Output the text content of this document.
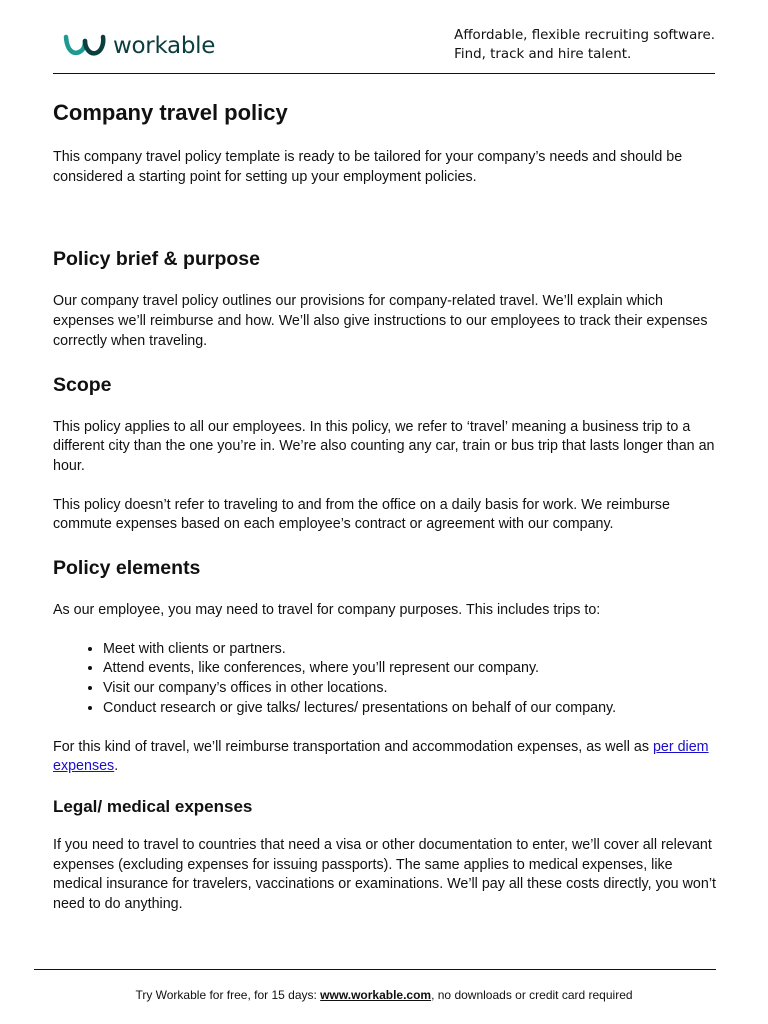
workable	Affordable, flexible recruiting software.
Find, track and hire talent.
Company travel policy

This company travel policy template is ready to be tailored for your company’s needs and should be considered a starting point for setting up your employment policies.

Policy brief & purpose

Our company travel policy outlines our provisions for company-related travel. We’ll explain which expenses we’ll reimburse and how. We’ll also give instructions to our employees to track their expenses correctly when traveling.

Scope

This policy applies to all our employees. In this policy, we refer to ‘travel’ meaning a business trip to a different city than the one you’re in. We’re also counting any car, train or bus trip that lasts longer than an hour.

This policy doesn’t refer to traveling to and from the office on a daily basis for work. We reimburse commute expenses based on each employee’s contract or agreement with our company.

Policy elements

As our employee, you may need to travel for company purposes. This includes trips to:

• Meet with clients or partners.
• Attend events, like conferences, where you’ll represent our company.
• Visit our company’s offices in other locations.
• Conduct research or give talks/ lectures/ presentations on behalf of our company.

For this kind of travel, we’ll reimburse transportation and accommodation expenses, as well as per diem expenses.

Legal/ medical expenses

If you need to travel to countries that need a visa or other documentation to enter, we’ll cover all relevant expenses (excluding expenses for issuing passports). The same applies to medical expenses, like medical insurance for travelers, vaccinations or examinations. We’ll pay all these costs directly, you won’t need to do anything.

Try Workable for free, for 15 days: www.workable.com, no downloads or credit card required
